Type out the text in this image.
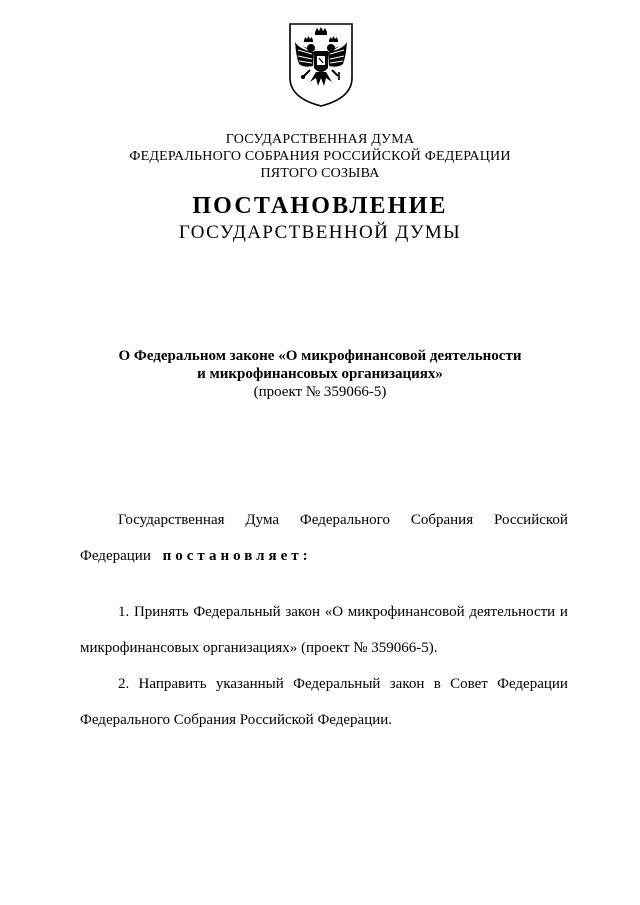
ГОСУДАРСТВЕННАЯ ДУМА
ФЕДЕРАЛЬНОГО СОБРАНИЯ РОССИЙСКОЙ ФЕДЕРАЦИИ
ПЯТОГО СОЗЫВА
ПОСТАНОВЛЕНИЕ
ГОСУДАРСТВЕННОЙ ДУМЫ
О Федеральном законе «О микрофинансовой деятельности
и микрофинансовых организациях»
(проект № 359066-5)
Государственная Дума Федерального Собрания Российской
Федерации постановляет:
1. Принять Федеральный закон «О микрофинансовой деятельности и
микрофинансовых организациях» (проект № 359066-5).
2. Направить указанный Федеральный закон в Совет Федерации
Федерального Собрания Российской Федерации.
